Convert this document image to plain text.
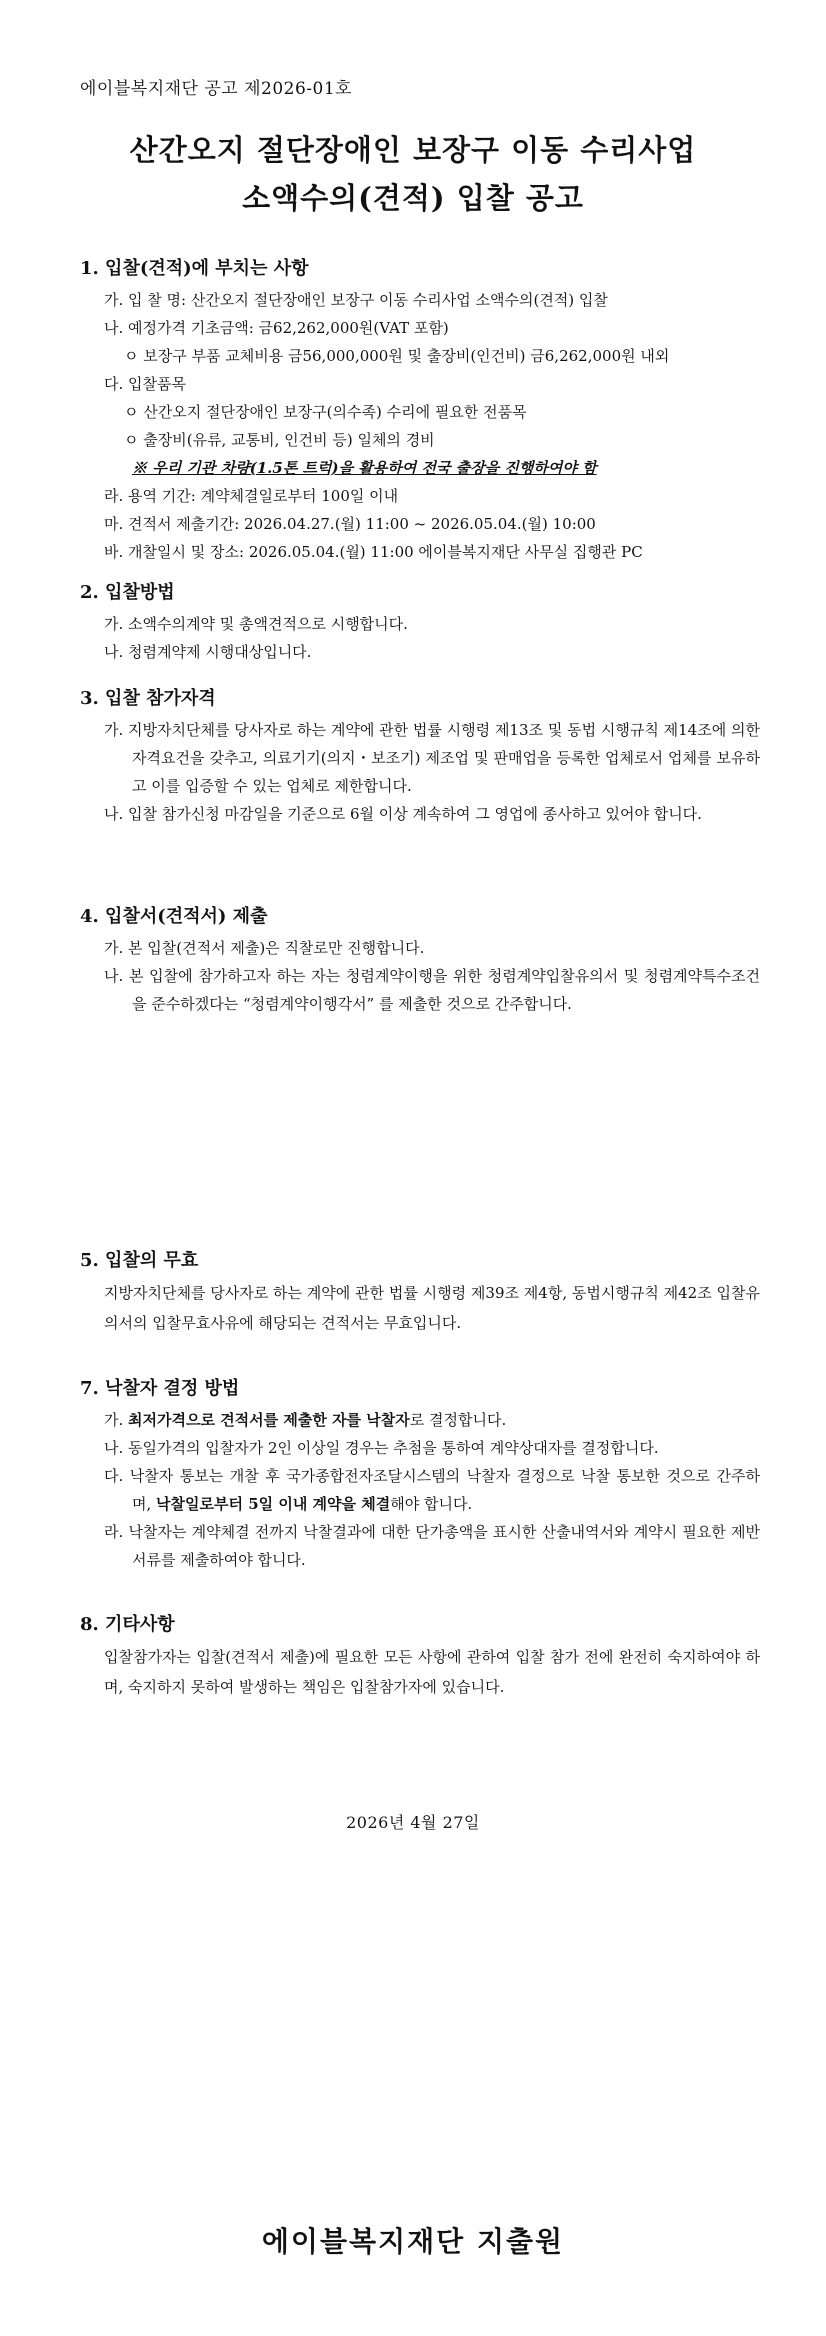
에이블복지재단 공고 제2026-01호
산간오지 절단장애인 보장구 이동 수리사업
소액수의(견적) 입찰 공고
1. 입찰(견적)에 부치는 사항
가. 입 찰 명: 산간오지 절단장애인 보장구 이동 수리사업 소액수의(견적) 입찰
나. 예정가격 기초금액: 금62,262,000원(VAT 포함)
ㅇ 보장구 부품 교체비용 금56,000,000원 및 출장비(인건비) 금6,262,000원 내외
다. 입찰품목
ㅇ 산간오지 절단장애인 보장구(의수족) 수리에 필요한 전품목
ㅇ 출장비(유류, 교통비, 인건비 등) 일체의 경비
※ 우리 기관 차량(1.5톤 트럭)을 활용하여 전국 출장을 진행하여야 함
라. 용역 기간: 계약체결일로부터 100일 이내
마. 견적서 제출기간: 2026.04.27.(월) 11:00 ~ 2026.05.04.(월) 10:00
바. 개찰일시 및 장소: 2026.05.04.(월) 11:00 에이블복지재단 사무실 집행관 PC
2. 입찰방법
가. 소액수의계약 및 총액견적으로 시행합니다.
나. 청렴계약제 시행대상입니다.
3. 입찰 참가자격
가. 지방자치단체를 당사자로 하는 계약에 관한 법률 시행령 제13조 및 동법 시행규칙 제14조에 의한 자격요건을 갖추고, 의료기기(의지・보조기) 제조업 및 판매업을 등록한 업체로서 업체를 보유하고 이를 입증할 수 있는 업체로 제한합니다.
나. 입찰 참가신청 마감일을 기준으로 6월 이상 계속하여 그 영업에 종사하고 있어야 합니다.
4. 입찰서(견적서) 제출
가. 본 입찰(견적서 제출)은 직찰로만 진행합니다.
나. 본 입찰에 참가하고자 하는 자는 청렴계약이행을 위한 청렴계약입찰유의서 및 청렴계약특수조건을 준수하겠다는 “청렴계약이행각서” 를 제출한 것으로 간주합니다.
5. 입찰의 무효
지방자치단체를 당사자로 하는 계약에 관한 법률 시행령 제39조 제4항, 동법시행규칙 제42조 입찰유의서의 입찰무효사유에 해당되는 견적서는 무효입니다.
7. 낙찰자 결정 방법
가. 최저가격으로 견적서를 제출한 자를 낙찰자로 결정합니다.
나. 동일가격의 입찰자가 2인 이상일 경우는 추첨을 통하여 계약상대자를 결정합니다.
다. 낙찰자 통보는 개찰 후 국가종합전자조달시스템의 낙찰자 결정으로 낙찰 통보한 것으로 간주하며, 낙찰일로부터 5일 이내 계약을 체결해야 합니다.
라. 낙찰자는 계약체결 전까지 낙찰결과에 대한 단가총액을 표시한 산출내역서와 계약시 필요한 제반서류를 제출하여야 합니다.
8. 기타사항
입찰참가자는 입찰(견적서 제출)에 필요한 모든 사항에 관하여 입찰 참가 전에 완전히 숙지하여야 하며, 숙지하지 못하여 발생하는 책임은 입찰참가자에 있습니다.
2026년 4월 27일
에이블복지재단 지출원
